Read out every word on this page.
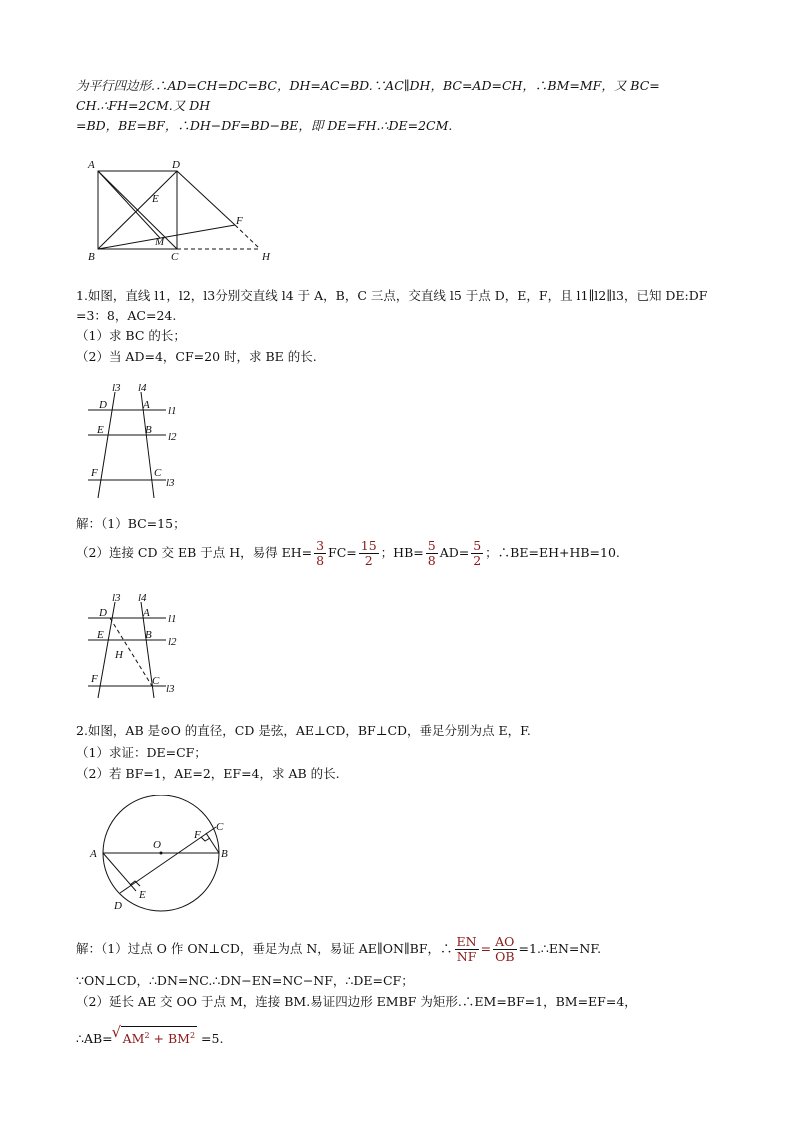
为平行四边形.∴AD=CH=DC=BC，DH=AC=BD.∵AC∥DH，BC=AD=CH，∴BM=MF，又 BC=
CH.∴FH=2CM.又 DH
=BD，BE=BF，∴DH−DF=BD−BE，即 DE=FH.∴DE=2CM.
A	D
E
F
M
B	C	H
1.如图，直线 l1，l2，l3分别交直线 l4 于 A，B，C 三点，交直线 l5 于点 D，E，F，且 l1∥l2∥l3，已知 DE:DF
=3：8，AC=24.
（1）求 BC 的长；
（2）当 AD=4，CF=20 时，求 BE 的长.
l3 l4
D	A l1
E	B
l2
F	C
l3
解：（1）BC=15；
（2）连接 CD 交 EB 于点 H，易得 $EH= \frac{3}{8} FC= \frac{15}{2}$ ；$HB= \frac{5}{8} AD= \frac{5}{2}$ ；∴BE=EH+HB=10.
l3 l4
D	A l1
E	B
H
l2
F	C
l3
2.如图，AB 是⊙O 的直径，CD 是弦，AE⊥CD，BF⊥CD，垂足分别为点 E，F.
（1）求证：DE=CF；
（2）若 BF=1，AE=2，EF=4，求 AB 的长.
A
O
B
C
F
D
E
解：（1）过点 O 作 ON⊥CD，垂足为点 N，易证 AE∥ON∥BF，∴ $\frac{EN}{NF} = \frac{AO}{OB}$ =1.∴EN=NF.
∵ON⊥CD，∴DN=NC.∴DN−EN=NC−NF，∴DE=CF；
（2）延长 AE 交 OO 于点 M，连接 BM.易证四边形 EMBF 为矩形.∴EM=BF=1，BM=EF=4，
∴AB=√ $AM^2 + BM^2 =5$.
